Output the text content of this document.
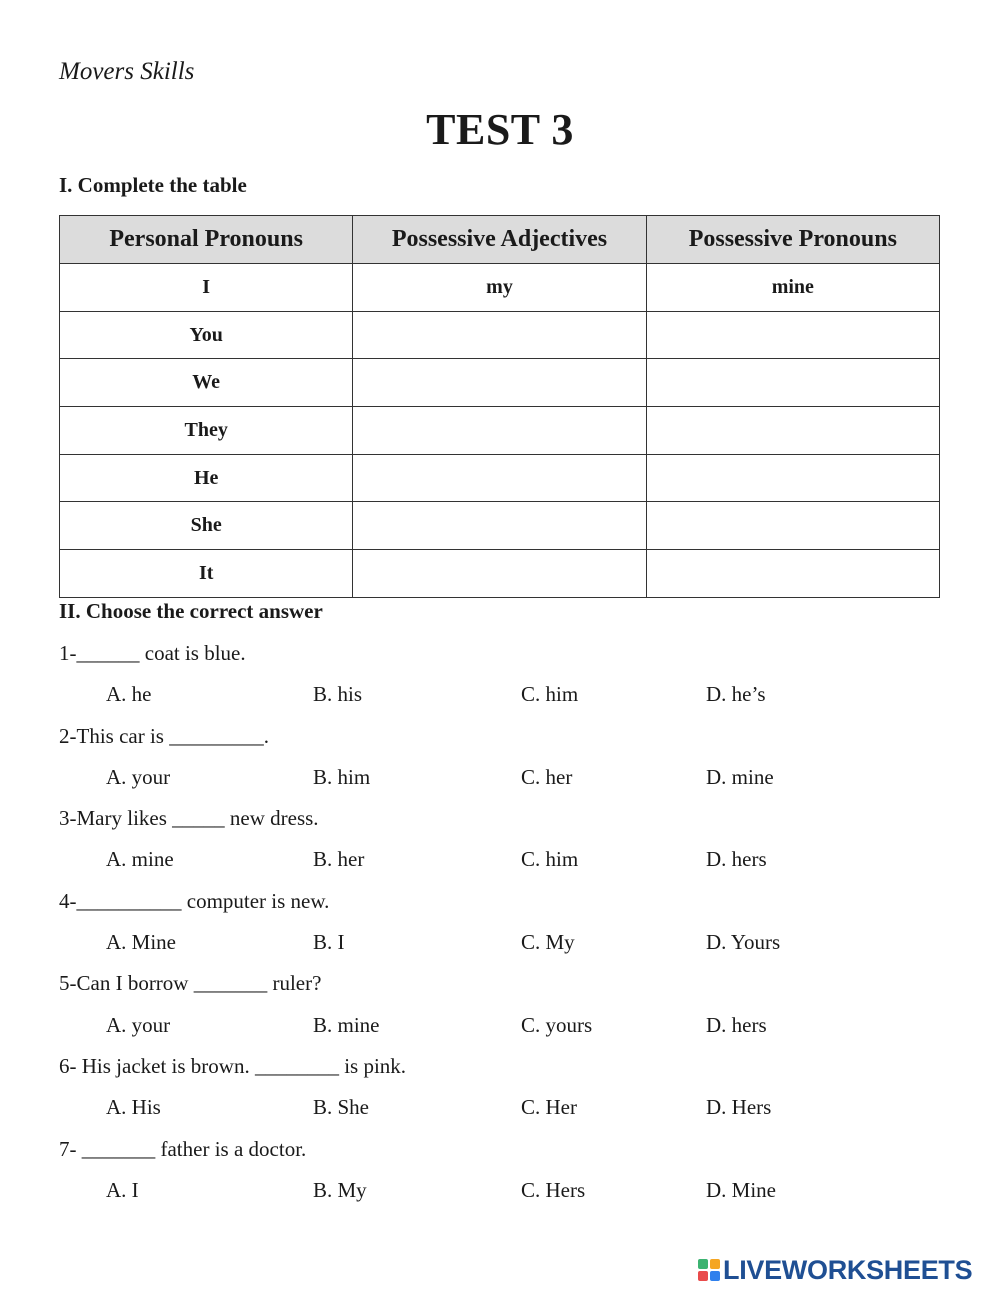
Movers Skills
TEST 3
I. Complete the table
Personal Pronouns	Possessive Adjectives	Possessive Pronouns
I	my	mine
You		
We		
They		
He		
She		
It		
II. Choose the correct answer
1-______ coat is blue.
A. he	B. his	C. him	D. he’s
2-This car is _________.
A. your	B. him	C. her	D. mine
3-Mary likes _____ new dress.
A. mine	B. her	C. him	D. hers
4-__________ computer is new.
A. Mine	B. I	C. My	D. Yours
5-Can I borrow _______ ruler?
A. your	B. mine	C. yours	D. hers
6- His jacket is brown. ________ is pink.
A. His	B. She	C. Her	D. Hers
7- _______ father is a doctor.
A. I	B. My	C. Hers	D. Mine
LIVEWORKSHEETS
